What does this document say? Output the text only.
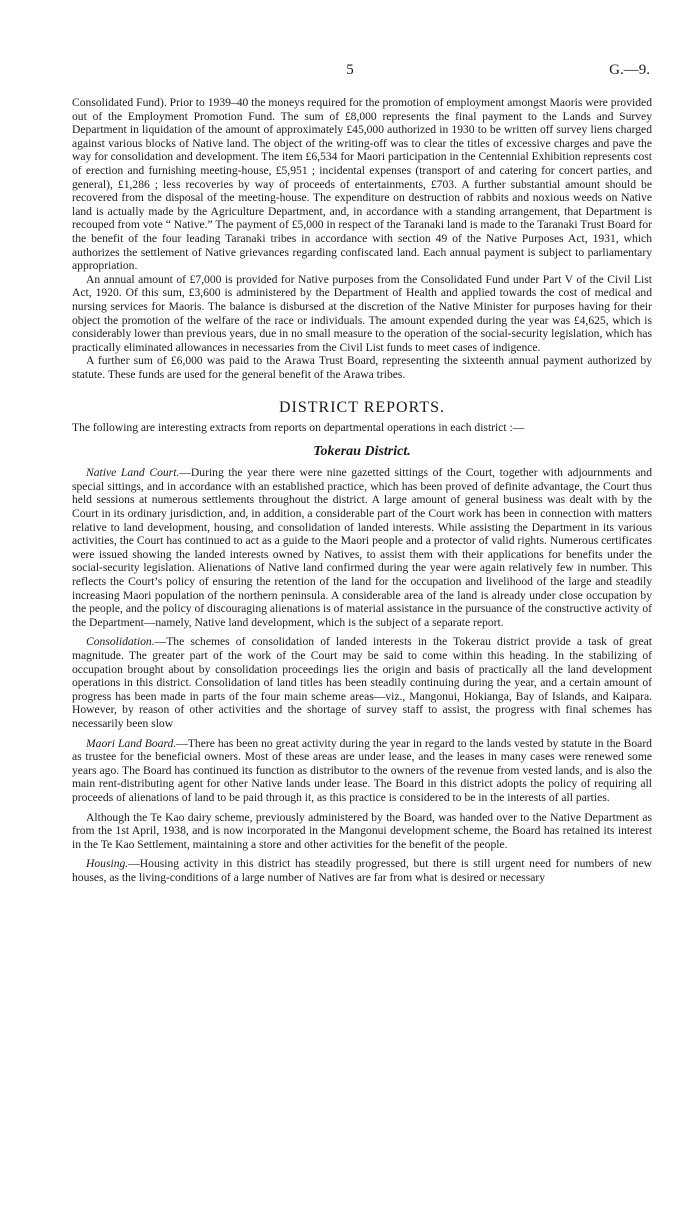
5	G.—9.

Consolidated Fund). Prior to 1939–40 the moneys required for the promotion of employment amongst Maoris were provided out of the Employment Promotion Fund. The sum of £8,000 represents the final payment to the Lands and Survey Department in liquidation of the amount of approximately £45,000 authorized in 1930 to be written off survey liens charged against various blocks of Native land. The object of the writing-off was to clear the titles of excessive charges and pave the way for consolidation and development. The item £6,534 for Maori participation in the Centennial Exhibition represents cost of erection and furnishing meeting-house, £5,951 ; incidental expenses (transport of and catering for concert parties, and general), £1,286 ; less recoveries by way of proceeds of entertainments, £703. A further substantial amount should be recovered from the disposal of the meeting-house. The expenditure on destruction of rabbits and noxious weeds on Native land is actually made by the Agriculture Department, and, in accordance with a standing arrangement, that Department is recouped from vote “ Native.” The payment of £5,000 in respect of the Taranaki land is made to the Taranaki Trust Board for the benefit of the four leading Taranaki tribes in accordance with section 49 of the Native Purposes Act, 1931, which authorizes the settlement of Native grievances regarding confiscated land. Each annual payment is subject to parliamentary appropriation.

An annual amount of £7,000 is provided for Native purposes from the Consolidated Fund under Part V of the Civil List Act, 1920. Of this sum, £3,600 is administered by the Department of Health and applied towards the cost of medical and nursing services for Maoris. The balance is disbursed at the discretion of the Native Minister for purposes having for their object the promotion of the welfare of the race or individuals. The amount expended during the year was £4,625, which is considerably lower than previous years, due in no small measure to the operation of the social-security legislation, which has practically eliminated allowances in necessaries from the Civil List funds to meet cases of indigence.

A further sum of £6,000 was paid to the Arawa Trust Board, representing the sixteenth annual payment authorized by statute. These funds are used for the general benefit of the Arawa tribes.

DISTRICT REPORTS.

The following are interesting extracts from reports on departmental operations in each district :—

Tokerau District.

Native Land Court.—During the year there were nine gazetted sittings of the Court, together with adjournments and special sittings, and in accordance with an established practice, which has been proved of definite advantage, the Court thus held sessions at numerous settlements throughout the district. A large amount of general business was dealt with by the Court in its ordinary jurisdiction, and, in addition, a considerable part of the Court work has been in connection with matters relative to land development, housing, and consolidation of landed interests. While assisting the Department in its various activities, the Court has continued to act as a guide to the Maori people and a protector of valid rights. Numerous certificates were issued showing the landed interests owned by Natives, to assist them with their applications for benefits under the social-security legislation. Alienations of Native land confirmed during the year were again relatively few in number. This reflects the Court’s policy of ensuring the retention of the land for the occupation and livelihood of the large and steadily increasing Maori population of the northern peninsula. A considerable area of the land is already under close occupation by the people, and the policy of discouraging alienations is of material assistance in the pursuance of the constructive activity of the Department—namely, Native land development, which is the subject of a separate report.

Consolidation.—The schemes of consolidation of landed interests in the Tokerau district provide a task of great magnitude. The greater part of the work of the Court may be said to come within this heading. In the stabilizing of occupation brought about by consolidation proceedings lies the origin and basis of practically all the land development operations in this district. Consolidation of land titles has been steadily continuing during the year, and a certain amount of progress has been made in parts of the four main scheme areas—viz., Mangonui, Hokianga, Bay of Islands, and Kaipara. However, by reason of other activities and the shortage of survey staff to assist, the progress with final schemes has necessarily been slow

Maori Land Board.—There has been no great activity during the year in regard to the lands vested by statute in the Board as trustee for the beneficial owners. Most of these areas are under lease, and the leases in many cases were renewed some years ago. The Board has continued its function as distributor to the owners of the revenue from vested lands, and is also the main rent-distributing agent for other Native lands under lease. The Board in this district adopts the policy of requiring all proceeds of alienations of land to be paid through it, as this practice is considered to be in the interests of all parties.

Although the Te Kao dairy scheme, previously administered by the Board, was handed over to the Native Department as from the 1st April, 1938, and is now incorporated in the Mangonui development scheme, the Board has retained its interest in the Te Kao Settlement, maintaining a store and other activities for the benefit of the people.

Housing.—Housing activity in this district has steadily progressed, but there is still urgent need for numbers of new houses, as the living-conditions of a large number of Natives are far from what is desired or necessary
